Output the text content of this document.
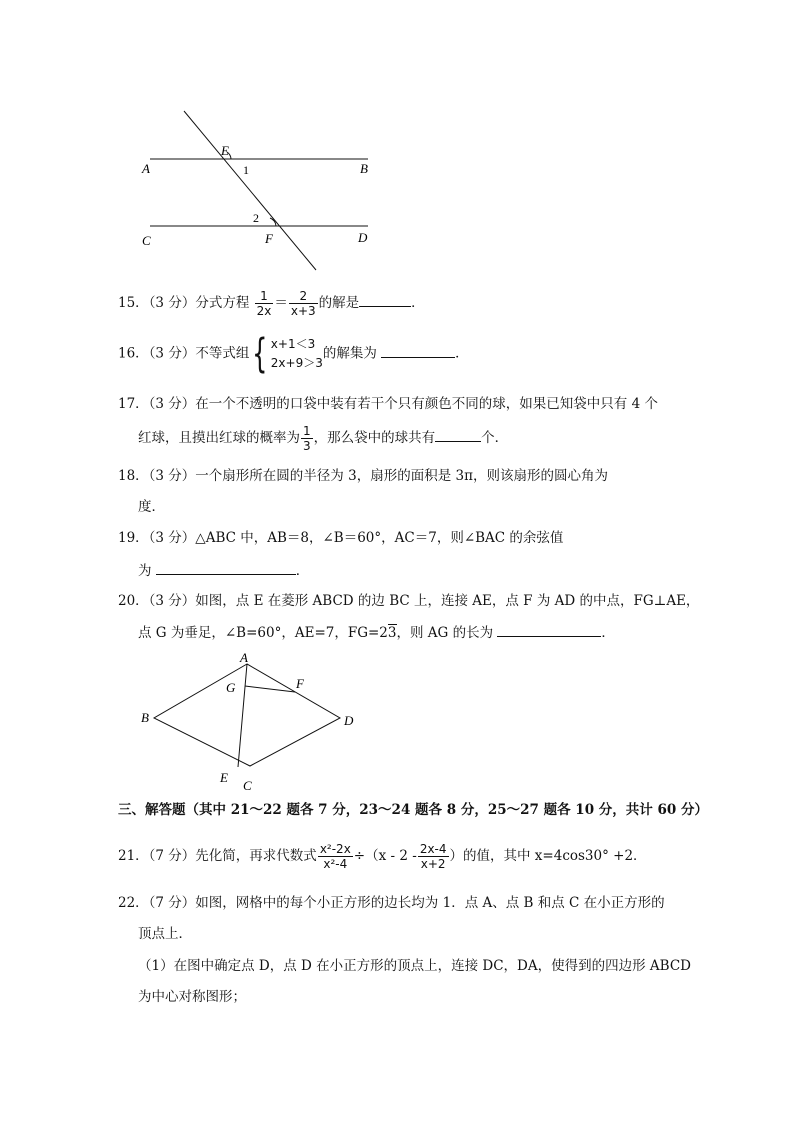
A	B
C	D
E
F
1
2
15．（3 分）分式方程 $\frac{1}{2x} = \frac{2}{x+3}$ 的解是	．
16．（3 分）不等式组{ x+1＜3
2x+9＞3
的解集为	．
17．（3 分）在一个不透明的口袋中装有若干个只有颜色不同的球，如果已知袋中只有 4 个
红球，且摸出红球的概率为 $\frac{1}{3}$ ，那么袋中的球共有	个．
18．（3 分）一个扇形所在圆的半径为 3，扇形的面积是 3π，则该扇形的圆心角为
度．
19．（3 分）△ABC 中，AB＝8，∠B＝60°，AC＝7，则∠BAC 的余弦值
为	．
20．（3 分）如图，点 E 在菱形 ABCD 的边 BC 上，连接 AE，点 F 为 AD 的中点，FG⊥AE，
点 G 为垂足，∠B=60°，AE=7，FG=23，则 AG 的长为	．
A
B
C
D
E
F
G
三、解答题（其中 21～22 题各 7 分，23～24 题各 8 分，25～27 题各 10 分，共计 60 分）
21．（7 分）先化简，再求代数式 $\frac{\text{x²-2x}}{\text{x²-4}} \div(x - 2 - \frac{2x-4}{x+2}$ ）的值，其中 x=4cos30° +2．
22．（7 分）如图，网格中的每个小正方形的边长均为 1．点 A、点 B 和点 C 在小正方形的
顶点上．
（1）在图中确定点 D，点 D 在小正方形的顶点上，连接 DC，DA，使得到的四边形 ABCD
为中心对称图形；
